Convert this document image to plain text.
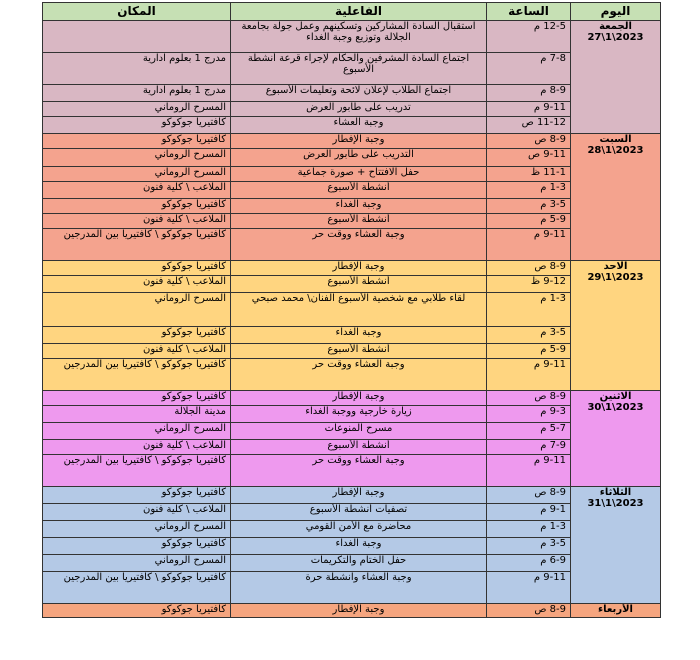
اليوم	الساعة	الفاعلية	المكان

الجمعة
2023\1\27	12-5 م	استقبال السادة المشاركين وتسكينهم وعمل جولة بجامعة الجلالة وتوزيع وجبة الغداء	
	7-8 م	اجتماع السادة المشرفين والحكام لإجراء قرعة أنشطة الأسبوع	مدرج 1 بعلوم ادارية
	8-9 م	اجتماع الطلاب لإعلان لائحة وتعليمات الأسبوع	مدرج 1 بعلوم ادارية
	9-11 م	تدريب على طابور العرض	المسرح الروماني
	11-12 ص	وجبة العشاء	كافتيريا جوكوكو

السبت
2023\1\28	8-9 ص	وجبة الإفطار	كافتيريا جوكوكو
	9-11 ص	التدريب على طابور العرض	المسرح الروماني
	11-1 ظ	حفل الافتتاح + صورة جماعية	المسرح الروماني
	1-3 م	أنشطة الأسبوع	الملاعب \ كلية فنون
	3-5 م	وجبة الغداء	كافتيريا جوكوكو
	5-9 م	أنشطة الأسبوع	الملاعب \ كلية فنون
	9-11 م	وجبة العشاء ووقت حر	كافتيريا جوكوكو \ كافتيريا بين المدرجين

الاحد
2023\1\29	8-9 ص	وجبة الإفطار	كافتيريا جوكوكو
	9-12 ظ	أنشطة الأسبوع	الملاعب \ كلية فنون
	1-3 م	لقاء طلابي مع شخصية الأسبوع الفنان\ محمد صبحي	المسرح الروماني
	3-5 م	وجبة الغداء	كافتيريا جوكوكو
	5-9 م	أنشطة الأسبوع	الملاعب \ كلية فنون
	9-11 م	وجبة العشاء ووقت حر	كافتيريا جوكوكو \ كافتيريا بين المدرجين

الاثنين
2023\1\30	8-9 ص	وجبة الإفطار	كافتيريا جوكوكو
	9-3 م	زيارة خارجية ووجبة الغداء	مدينة الجلالة
	5-7 م	مسرح المنوعات	المسرح الروماني
	7-9 م	أنشطة الأسبوع	الملاعب \ كلية فنون
	9-11 م	وجبة العشاء ووقت حر	كافتيريا جوكوكو \ كافتيريا بين المدرجين

الثلاثاء
2023\1\31	8-9 ص	وجبة الإفطار	كافتيريا جوكوكو
	9-1 م	تصفيات أنشطة الأسبوع	الملاعب \ كلية فنون
	1-3 م	محاضرة مع الأمن القومي	المسرح الروماني
	3-5 م	وجبة الغداء	كافتيريا جوكوكو
	6-9 م	حفل الختام والتكريمات	المسرح الروماني
	9-11 م	وجبة العشاء وانشطة حرة	كافتيريا جوكوكو \ كافتيريا بين المدرجين

الأربعاء	8-9 ص	وجبة الإفطار	كافتيريا جوكوكو
